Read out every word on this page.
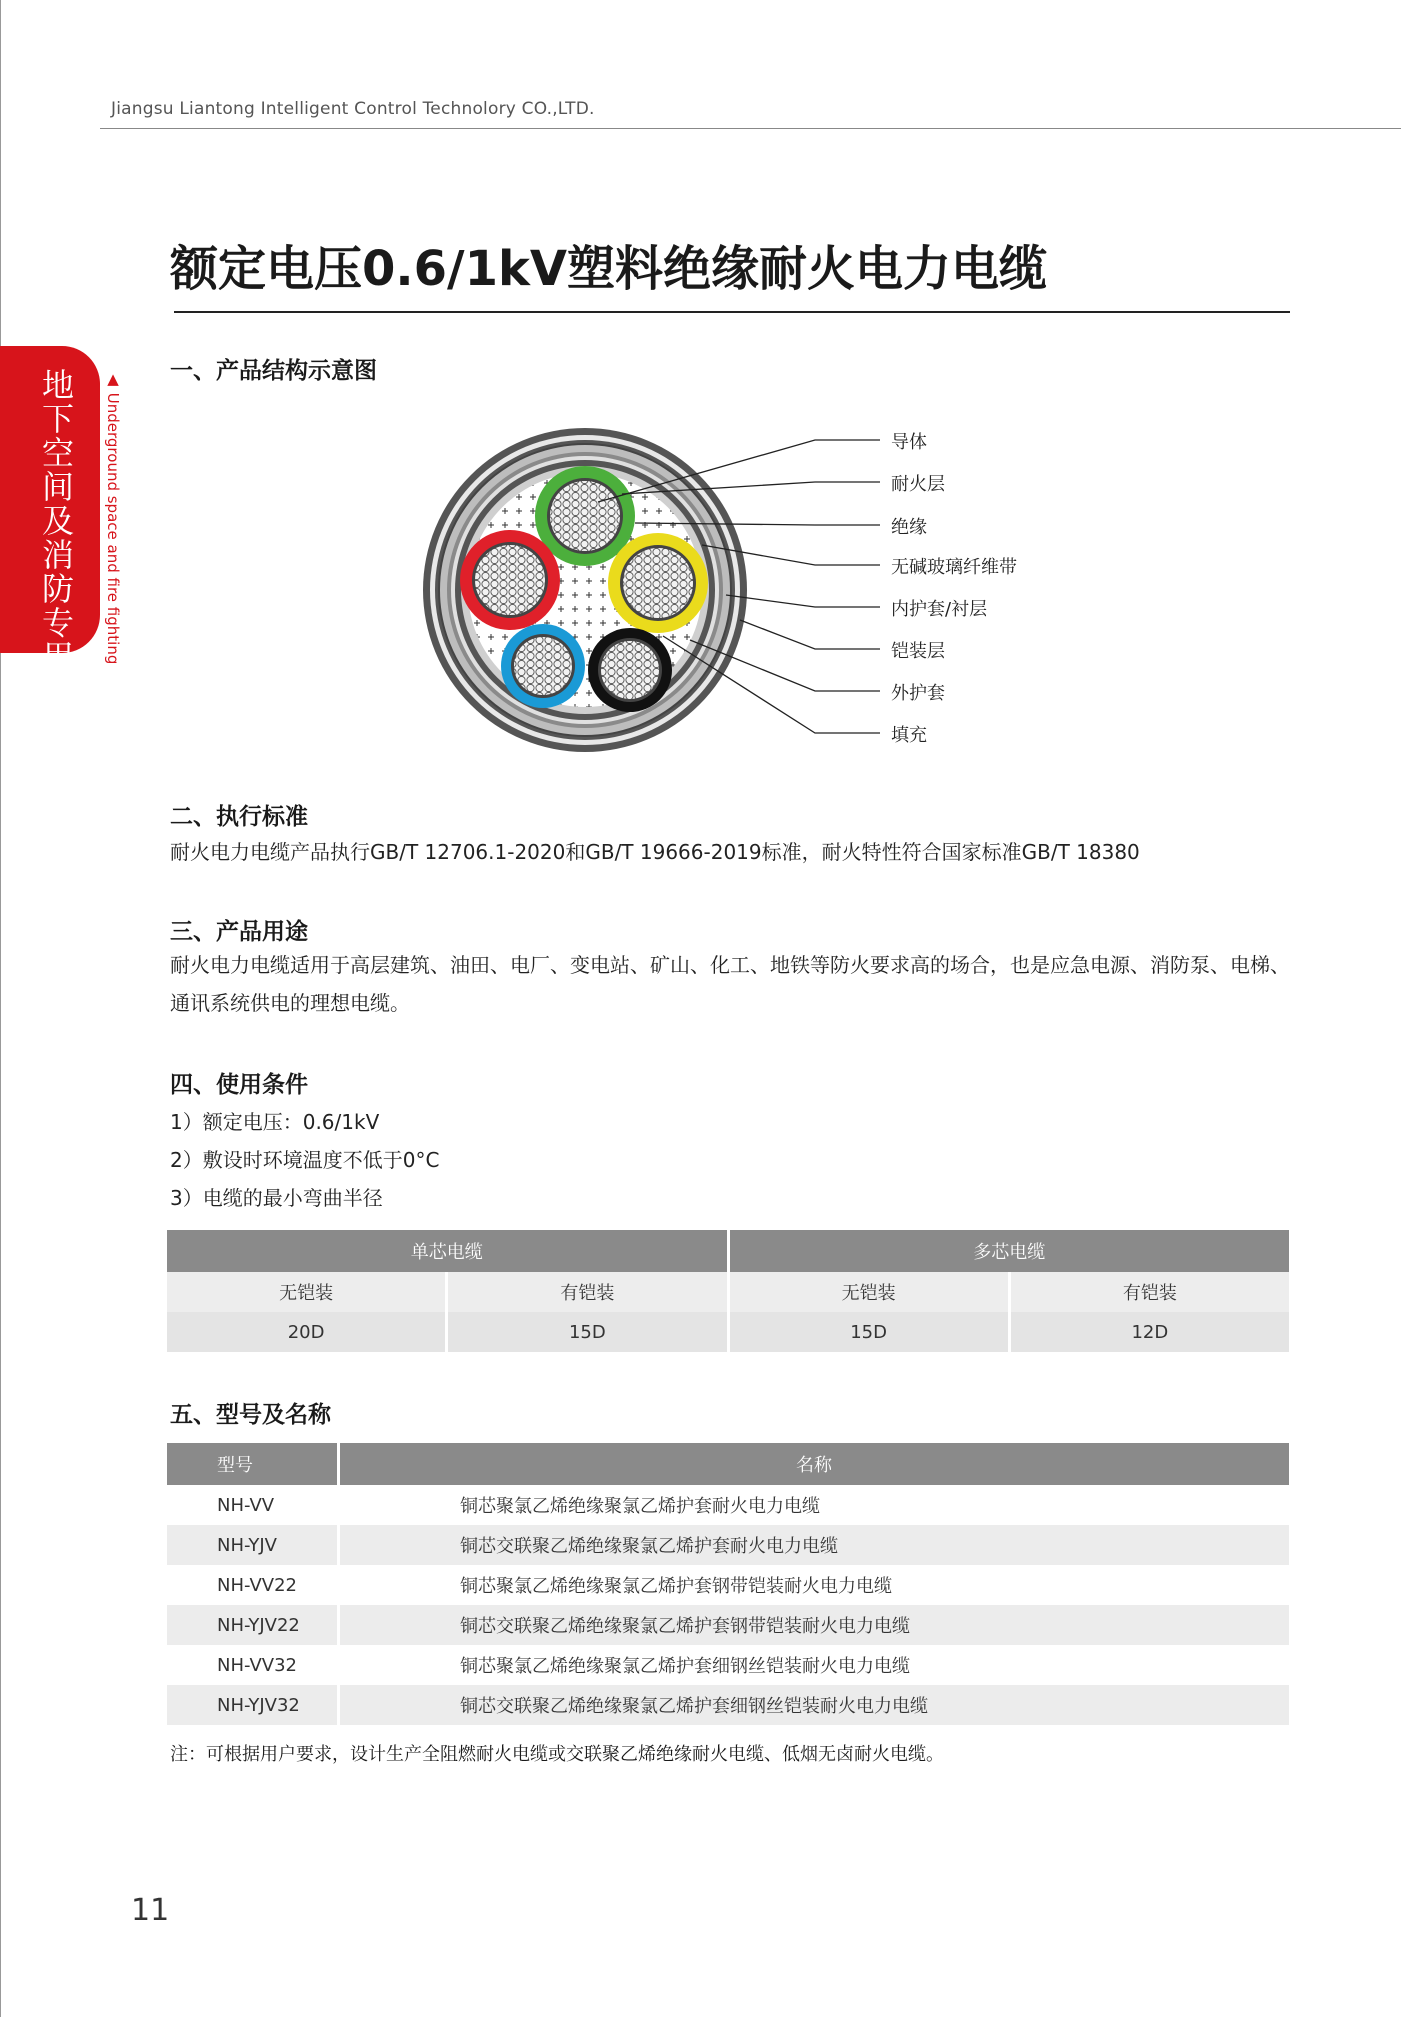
Jiangsu Liantong Intelligent Control Technolory CO.,LTD.
地下空间及消防专用 ▲ Underground space and fire fighting
额定电压0.6/1kV塑料绝缘耐火电力电缆
一、产品结构示意图
导体
耐火层
绝缘
无碱玻璃纤维带
内护套/衬层
铠装层
外护套
填充
二、执行标准
耐火电力电缆产品执行GB/T 12706.1-2020和GB/T 19666-2019标准，耐火特性符合国家标准GB/T 18380
三、产品用途
耐火电力电缆适用于高层建筑、油田、电厂、变电站、矿山、化工、地铁等防火要求高的场合，也是应急电源、消防泵、电梯、通讯系统供电的理想电缆。
四、使用条件
1）额定电压：0.6/1kV
2）敷设时环境温度不低于0°C
3）电缆的最小弯曲半径
单芯电缆		多芯电缆	
无铠装	有铠装	无铠装	有铠装
20D	15D	15D	12D
五、型号及名称
型号	名称
NH-VV	铜芯聚氯乙烯绝缘聚氯乙烯护套耐火电力电缆
NH-YJV	铜芯交联聚乙烯绝缘聚氯乙烯护套耐火电力电缆
NH-VV22	铜芯聚氯乙烯绝缘聚氯乙烯护套钢带铠装耐火电力电缆
NH-YJV22	铜芯交联聚乙烯绝缘聚氯乙烯护套钢带铠装耐火电力电缆
NH-VV32	铜芯聚氯乙烯绝缘聚氯乙烯护套细钢丝铠装耐火电力电缆
NH-YJV32	铜芯交联聚乙烯绝缘聚氯乙烯护套细钢丝铠装耐火电力电缆
注：可根据用户要求，设计生产全阻燃耐火电缆或交联聚乙烯绝缘耐火电缆、低烟无卤耐火电缆。
11
